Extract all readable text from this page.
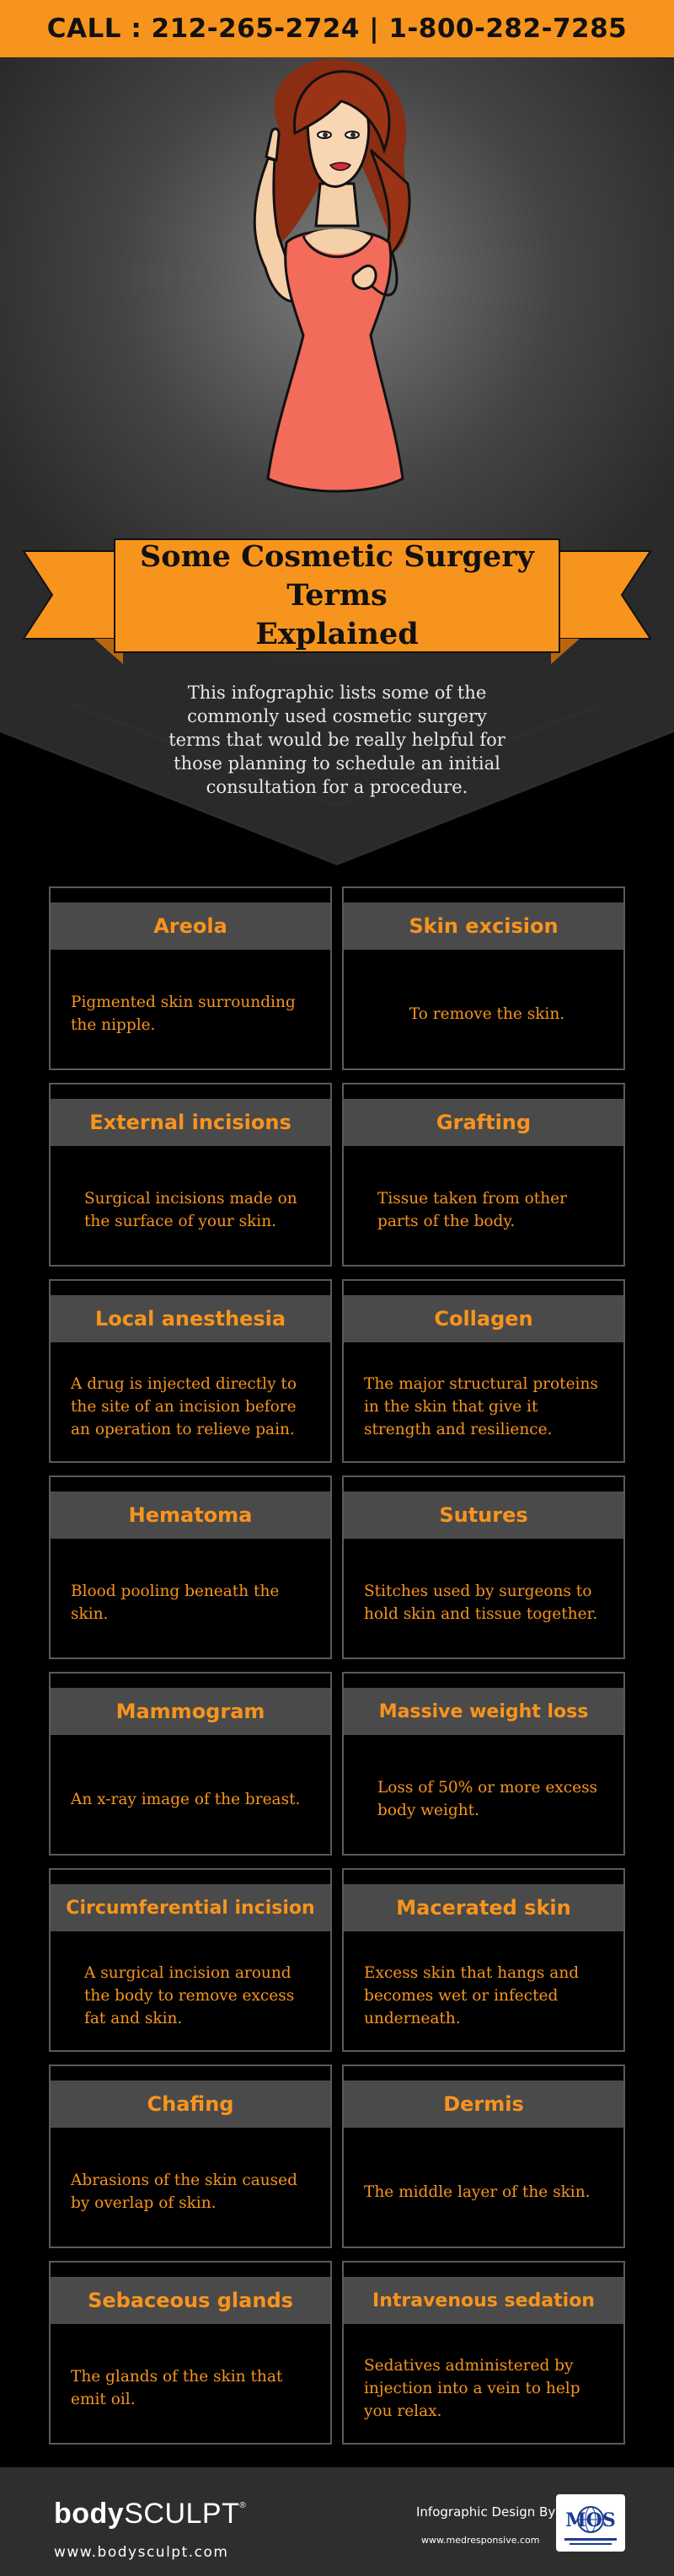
CALL : 212-265-2724 | 1-800-282-7285
Some Cosmetic Surgery Terms
Explained

This infographic lists some of the commonly used cosmetic surgery terms that would be really helpful for those planning to schedule an initial consultation for a procedure.

Areola
Pigmented skin surrounding the nipple.
Skin excision
To remove the skin.
External incisions
Surgical incisions made on the surface of your skin.
Grafting
Tissue taken from other parts of the body.
Local anesthesia
A drug is injected directly to the site of an incision before an operation to relieve pain.
Collagen
The major structural proteins in the skin that give it strength and resilience.
Hematoma
Blood pooling beneath the skin.
Sutures
Stitches used by surgeons to hold skin and tissue together.
Mammogram
An x-ray image of the breast.
Massive weight loss
Loss of 50% or more excess body weight.
Circumferential incision
A surgical incision around the body to remove excess fat and skin.
Macerated skin
Excess skin that hangs and becomes wet or infected underneath.
Chafing
Abrasions of the skin caused by overlap of skin.
Dermis
The middle layer of the skin.
Sebaceous glands
The glands of the skin that emit oil.
Intravenous sedation
Sedatives administered by injection into a vein to help you relax.
bodySCULPT®
www.bodysculpt.com
Infographic Design By
www.medresponsive.com
MOS
